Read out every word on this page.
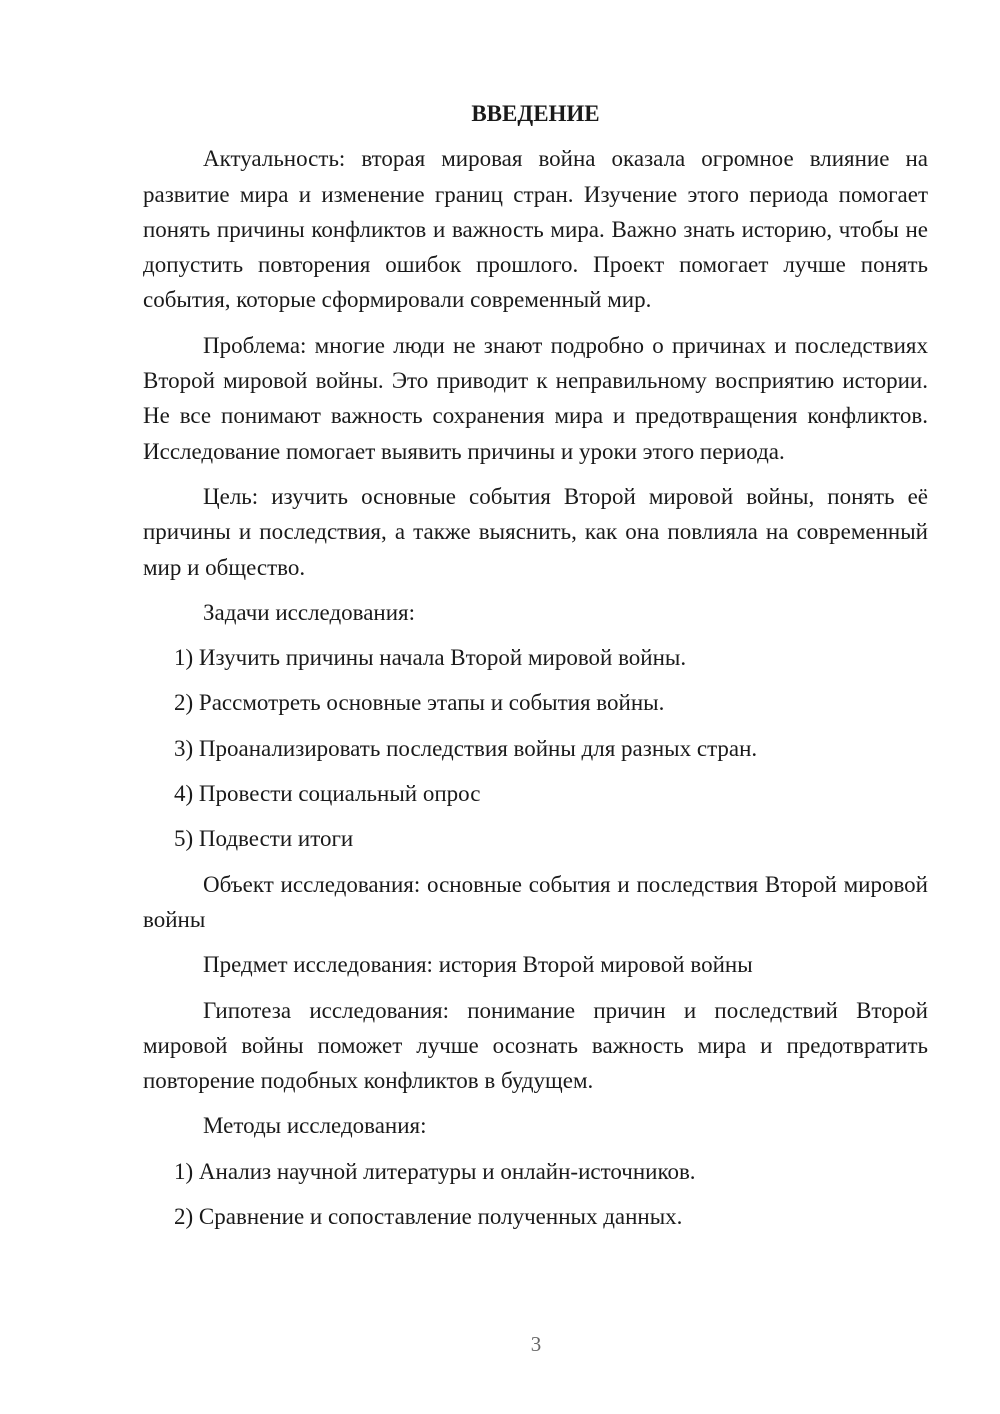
ВВЕДЕНИЕ

Актуальность: вторая мировая война оказала огромное влияние на развитие мира и изменение границ стран. Изучение этого периода помогает понять причины конфликтов и важность мира. Важно знать историю, чтобы не допустить повторения ошибок прошлого. Проект помогает лучше понять события, которые сформировали современный мир.

Проблема: многие люди не знают подробно о причинах и последствиях Второй мировой войны. Это приводит к неправильному восприятию истории. Не все понимают важность сохранения мира и предотвращения конфликтов. Исследование помогает выявить причины и уроки этого периода.

Цель: изучить основные события Второй мировой войны, понять её причины и последствия, а также выяснить, как она повлияла на современный мир и общество.

Задачи исследования:

1) Изучить причины начала Второй мировой войны.

2) Рассмотреть основные этапы и события войны.

3) Проанализировать последствия войны для разных стран.

4) Провести социальный опрос

5) Подвести итоги

Объект исследования: основные события и последствия Второй мировой войны

Предмет исследования: история Второй мировой войны

Гипотеза исследования: понимание причин и последствий Второй мировой войны поможет лучше осознать важность мира и предотвратить повторение подобных конфликтов в будущем.

Методы исследования:

1) Анализ научной литературы и онлайн-источников.

2) Сравнение и сопоставление полученных данных.

3
